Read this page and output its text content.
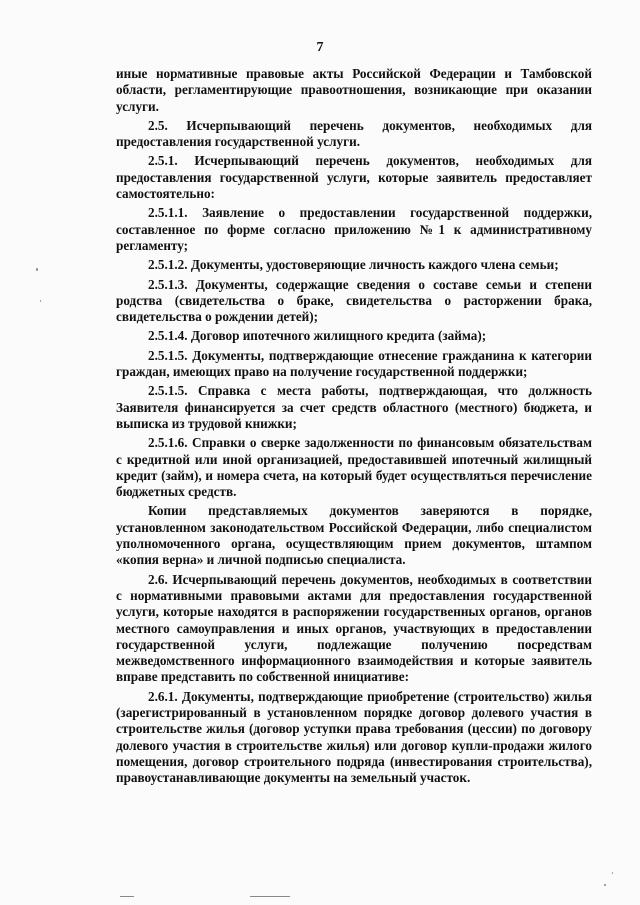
7

иные нормативные правовые акты Российской Федерации и Тамбовской области, регламентирующие правоотношения, возникающие при оказании услуги.

2.5. Исчерпывающий перечень документов, необходимых для предоставления государственной услуги.

2.5.1. Исчерпывающий перечень документов, необходимых для предоставления государственной услуги, которые заявитель предоставляет самостоятельно:

2.5.1.1. Заявление о предоставлении государственной поддержки, составленное по форме согласно приложению №1 к административному регламенту;

2.5.1.2. Документы, удостоверяющие личность каждого члена семьи;

2.5.1.3. Документы, содержащие сведения о составе семьи и степени родства (свидетельства о браке, свидетельства о расторжении брака, свидетельства о рождении детей);

2.5.1.4. Договор ипотечного жилищного кредита (займа);

2.5.1.5. Документы, подтверждающие отнесение гражданина к категории граждан, имеющих право на получение государственной поддержки;

2.5.1.5. Справка с места работы, подтверждающая, что должность Заявителя финансируется за счет средств областного (местного) бюджета, и выписка из трудовой книжки;

2.5.1.6. Справки о сверке задолженности по финансовым обязательствам с кредитной или иной организацией, предоставившей ипотечный жилищный кредит (займ), и номера счета, на который будет осуществляться перечисление бюджетных средств.

Копии представляемых документов заверяются в порядке, установленном законодательством Российской Федерации, либо специалистом уполномоченного органа, осуществляющим прием документов, штампом «копия верна» и личной подписью специалиста.

2.6. Исчерпывающий перечень документов, необходимых в соответствии с нормативными правовыми актами для предоставления государственной услуги, которые находятся в распоряжении государственных органов, органов местного самоуправления и иных органов, участвующих в предоставлении государственной услуги, подлежащие получению посредствам межведомственного информационного взаимодействия и которые заявитель вправе представить по собственной инициативе:

2.6.1. Документы, подтверждающие приобретение (строительство) жилья (зарегистрированный в установленном порядке договор долевого участия в строительстве жилья (договор уступки права требования (цессии) по договору долевого участия в строительстве жилья) или договор купли-продажи жилого помещения, договор строительного подряда (инвестирования строительства), правоустанавливающие документы на земельный участок.
